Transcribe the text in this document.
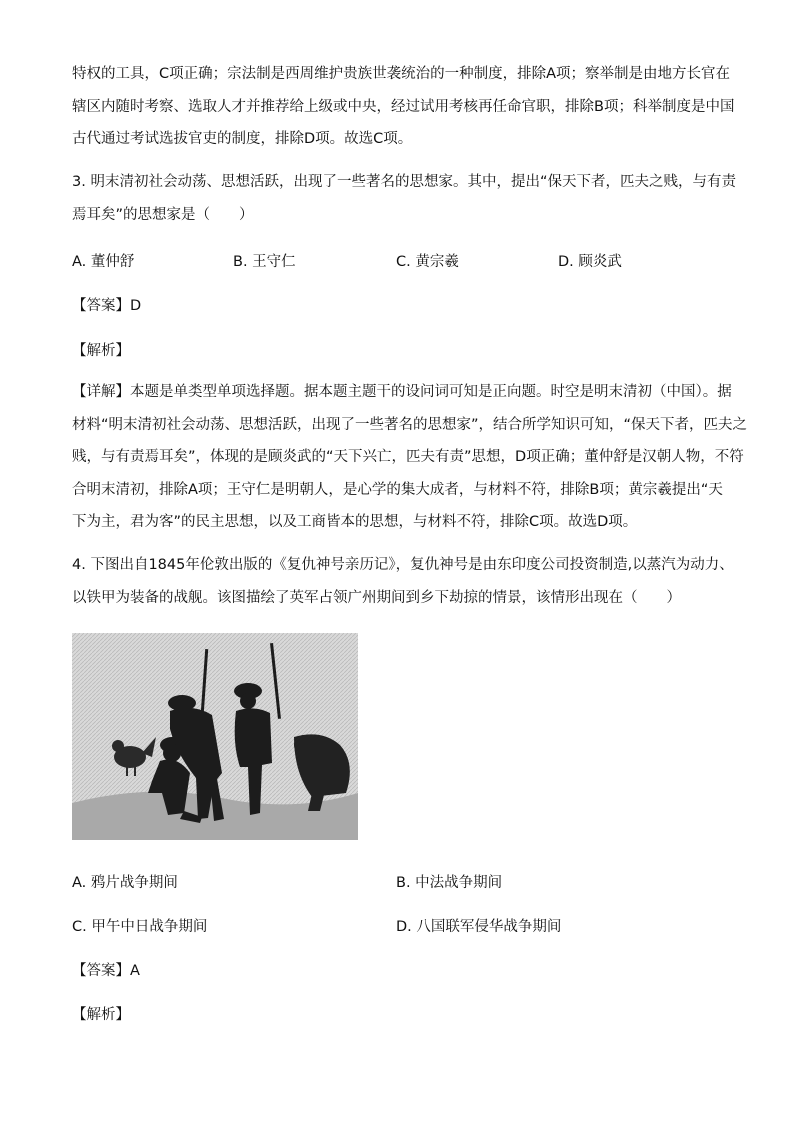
特权的工具，C项正确；宗法制是西周维护贵族世袭统治的一种制度，排除A项；察举制是由地方长官在
辖区内随时考察、选取人才并推荐给上级或中央，经过试用考核再任命官职，排除B项；科举制度是中国
古代通过考试选拔官吏的制度，排除D项。故选C项。
3. 明末清初社会动荡、思想活跃，出现了一些著名的思想家。其中，提出“保天下者，匹夫之贱，与有责
焉耳矣”的思想家是（　　）
A. 董仲舒	B. 王守仁	C. 黄宗羲	D. 顾炎武
【答案】D
【解析】
【详解】本题是单类型单项选择题。据本题主题干的设问词可知是正向题。时空是明末清初（中国）。据
材料“明末清初社会动荡、思想活跃，出现了一些著名的思想家”，结合所学知识可知，“保天下者，匹夫之
贱，与有责焉耳矣”，体现的是顾炎武的“天下兴亡，匹夫有责”思想，D项正确；董仲舒是汉朝人物，不符
合明末清初，排除A项；王守仁是明朝人，是心学的集大成者，与材料不符，排除B项；黄宗羲提出“天
下为主，君为客”的民主思想，以及工商皆本的思想，与材料不符，排除C项。故选D项。
4. 下图出自1845年伦敦出版的《复仇神号亲历记》，复仇神号是由东印度公司投资制造,以蒸汽为动力、
以铁甲为装备的战舰。该图描绘了英军占领广州期间到乡下劫掠的情景，该情形出现在（　　）
A. 鸦片战争期间	B. 中法战争期间
C. 甲午中日战争期间	D. 八国联军侵华战争期间
【答案】A
【解析】
